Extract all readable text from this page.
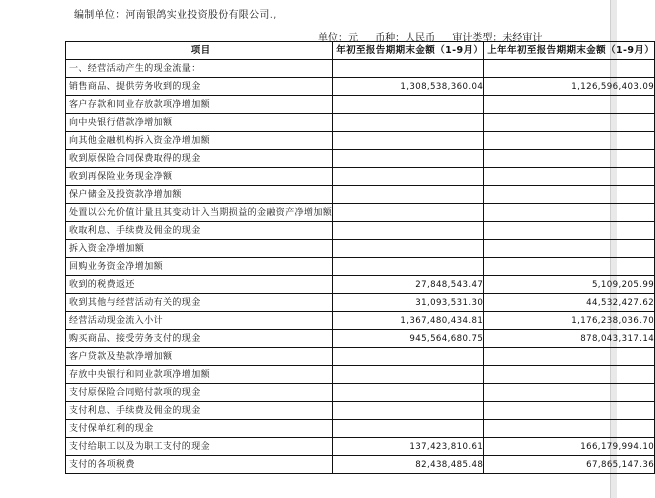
编制单位：河南银鸽实业投资股份有限公司.,
单位：元 币种：人民币 审计类型：未经审计
项目	年初至报告期期末金额（1-9月）	上年年初至报告期期末金额（1-9月）
一、经营活动产生的现金流量：		
销售商品、提供劳务收到的现金	1,308,538,360.04	1,126,596,403.09
客户存款和同业存放款项净增加额		
向中央银行借款净增加额		
向其他金融机构拆入资金净增加额		
收到原保险合同保费取得的现金		
收到再保险业务现金净额		
保户储金及投资款净增加额		
处置以公允价值计量且其变动计入当期损益的金融资产净增加额		
收取利息、手续费及佣金的现金		
拆入资金净增加额		
回购业务资金净增加额		
收到的税费返还	27,848,543.47	5,109,205.99
收到其他与经营活动有关的现金	31,093,531.30	44,532,427.62
经营活动现金流入小计	1,367,480,434.81	1,176,238,036.70
购买商品、接受劳务支付的现金	945,564,680.75	878,043,317.14
客户贷款及垫款净增加额		
存放中央银行和同业款项净增加额		
支付原保险合同赔付款项的现金		
支付利息、手续费及佣金的现金		
支付保单红利的现金		
支付给职工以及为职工支付的现金	137,423,810.61	166,179,994.10
支付的各项税费	82,438,485.48	67,865,147.36
